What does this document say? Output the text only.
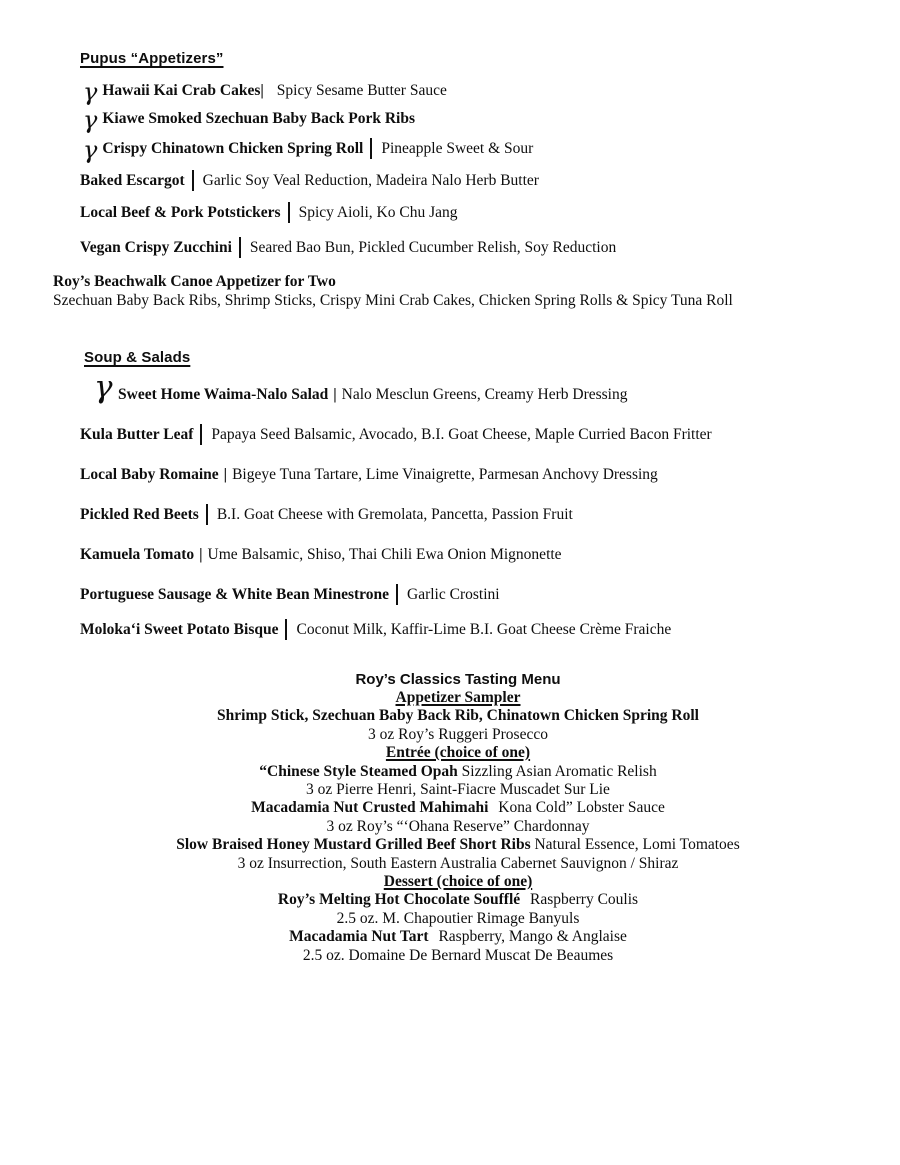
Pupus “Appetizers”
γ Hawaii Kai Crab Cakes| Spicy Sesame Butter Sauce
γ Kiawe Smoked Szechuan Baby Back Pork Ribs
γ Crispy Chinatown Chicken Spring Roll Pineapple Sweet & Sour
Baked Escargot Garlic Soy Veal Reduction, Madeira Nalo Herb Butter
Local Beef & Pork Potstickers Spicy Aioli, Ko Chu Jang
Vegan Crispy Zucchini Seared Bao Bun, Pickled Cucumber Relish, Soy Reduction
Roy’s Beachwalk Canoe Appetizer for Two
Szechuan Baby Back Ribs, Shrimp Sticks, Crispy Mini Crab Cakes, Chicken Spring Rolls & Spicy Tuna Roll
Soup & Salads
γ Sweet Home Waima-Nalo Salad | Nalo Mesclun Greens, Creamy Herb Dressing
Kula Butter Leaf Papaya Seed Balsamic, Avocado, B.I. Goat Cheese, Maple Curried Bacon Fritter
Local Baby Romaine | Bigeye Tuna Tartare, Lime Vinaigrette, Parmesan Anchovy Dressing
Pickled Red Beets B.I. Goat Cheese with Gremolata, Pancetta, Passion Fruit
Kamuela Tomato | Ume Balsamic, Shiso, Thai Chili Ewa Onion Mignonette
Portuguese Sausage & White Bean Minestrone Garlic Crostini
Molokaʻi Sweet Potato Bisque Coconut Milk, Kaffir-Lime B.I. Goat Cheese Crème Fraiche
Roy’s Classics Tasting Menu
Appetizer Sampler
Shrimp Stick, Szechuan Baby Back Rib, Chinatown Chicken Spring Roll
3 oz Roy’s Ruggeri Prosecco
Entrée (choice of one)
“Chinese Style Steamed Opah Sizzling Asian Aromatic Relish
3 oz Pierre Henri, Saint-Fiacre Muscadet Sur Lie
Macadamia Nut Crusted Mahimahi Kona Cold” Lobster Sauce
3 oz Roy’s “ʻOhana Reserve” Chardonnay
Slow Braised Honey Mustard Grilled Beef Short Ribs Natural Essence, Lomi Tomatoes
3 oz Insurrection, South Eastern Australia Cabernet Sauvignon / Shiraz
Dessert (choice of one)
Roy’s Melting Hot Chocolate Soufflé Raspberry Coulis
2.5 oz. M. Chapoutier Rimage Banyuls
Macadamia Nut Tart Raspberry, Mango & Anglaise
2.5 oz. Domaine De Bernard Muscat De Beaumes
